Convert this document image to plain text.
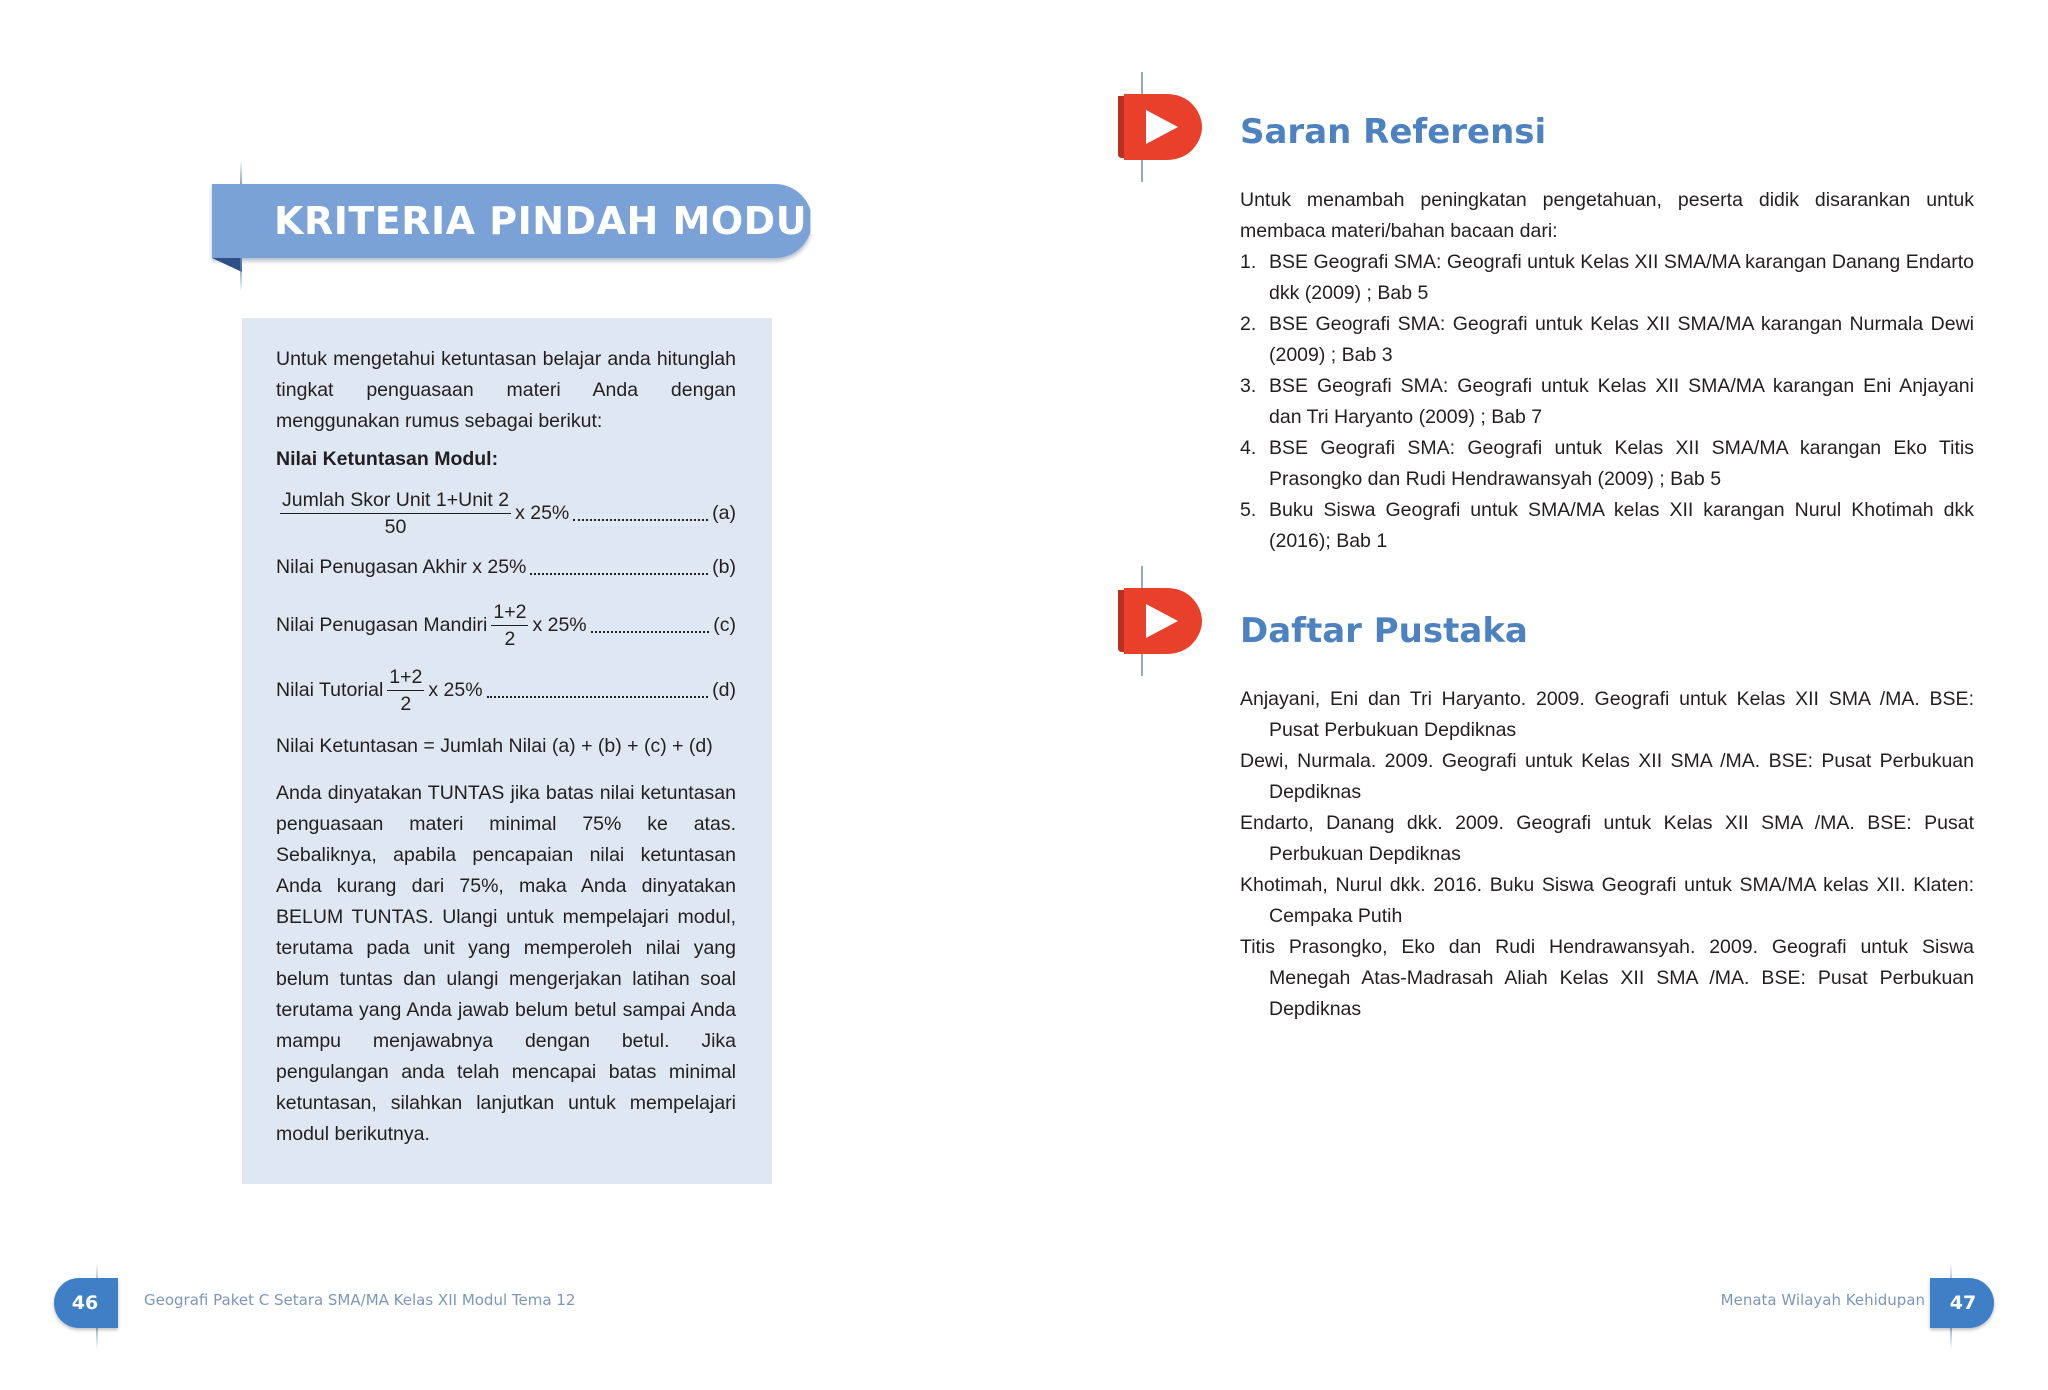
KRITERIA PINDAH MODUL

Untuk mengetahui ketuntasan belajar anda hitunglah tingkat penguasaan materi Anda dengan menggunakan rumus sebagai berikut:

Nilai Ketuntasan Modul:

$\frac{\text{Jumlah Skor Unit 1+Unit 2}}{50}$ x 25%	(a)
Nilai Penugasan Akhir x 25%	(b)
Nilai Penugasan Mandiri $\frac{1+2}{2}$ x 25%	(c)
Nilai Tutorial $\frac{1+2}{2}$ x 25%	(d)
Nilai Ketuntasan = Jumlah Nilai (a) + (b) + (c) + (d)

Anda dinyatakan TUNTAS jika batas nilai ketuntasan penguasaan materi minimal 75% ke atas. Sebaliknya, apabila pencapaian nilai ketuntasan Anda kurang dari 75%, maka Anda dinyatakan BELUM TUNTAS. Ulangi untuk mempelajari modul, terutama pada unit yang memperoleh nilai yang belum tuntas dan ulangi mengerjakan latihan soal terutama yang Anda jawab belum betul sampai Anda mampu menjawabnya dengan betul. Jika pengulangan anda telah mencapai batas minimal ketuntasan, silahkan lanjutkan untuk mempelajari modul berikutnya.

46	Geografi Paket C Setara SMA/MA Kelas XII Modul Tema 12
Saran Referensi

Untuk menambah peningkatan pengetahuan, peserta didik disarankan untuk membaca materi/bahan bacaan dari:

1. BSE Geografi SMA: Geografi untuk Kelas XII SMA/MA karangan Danang Endarto dkk (2009) ; Bab 5
2. BSE Geografi SMA: Geografi untuk Kelas XII SMA/MA karangan Nurmala Dewi (2009) ; Bab 3
3. BSE Geografi SMA: Geografi untuk Kelas XII SMA/MA karangan Eni Anjayani dan Tri Haryanto (2009) ; Bab 7
4. BSE Geografi SMA: Geografi untuk Kelas XII SMA/MA karangan Eko Titis Prasongko dan Rudi Hendrawansyah (2009) ; Bab 5
5. Buku Siswa Geografi untuk SMA/MA kelas XII karangan Nurul Khotimah dkk (2016); Bab 1
Daftar Pustaka

Anjayani, Eni dan Tri Haryanto. 2009. Geografi untuk Kelas XII SMA /MA. BSE: Pusat Perbukuan Depdiknas

Dewi, Nurmala. 2009. Geografi untuk Kelas XII SMA /MA. BSE: Pusat Perbukuan Depdiknas

Endarto, Danang dkk. 2009. Geografi untuk Kelas XII SMA /MA. BSE: Pusat Perbukuan Depdiknas

Khotimah, Nurul dkk. 2016. Buku Siswa Geografi untuk SMA/MA kelas XII. Klaten: Cempaka Putih

Titis Prasongko, Eko dan Rudi Hendrawansyah. 2009. Geografi untuk Siswa Menegah Atas-Madrasah Aliah Kelas XII SMA /MA. BSE: Pusat Perbukuan Depdiknas

Menata Wilayah Kehidupan	47
